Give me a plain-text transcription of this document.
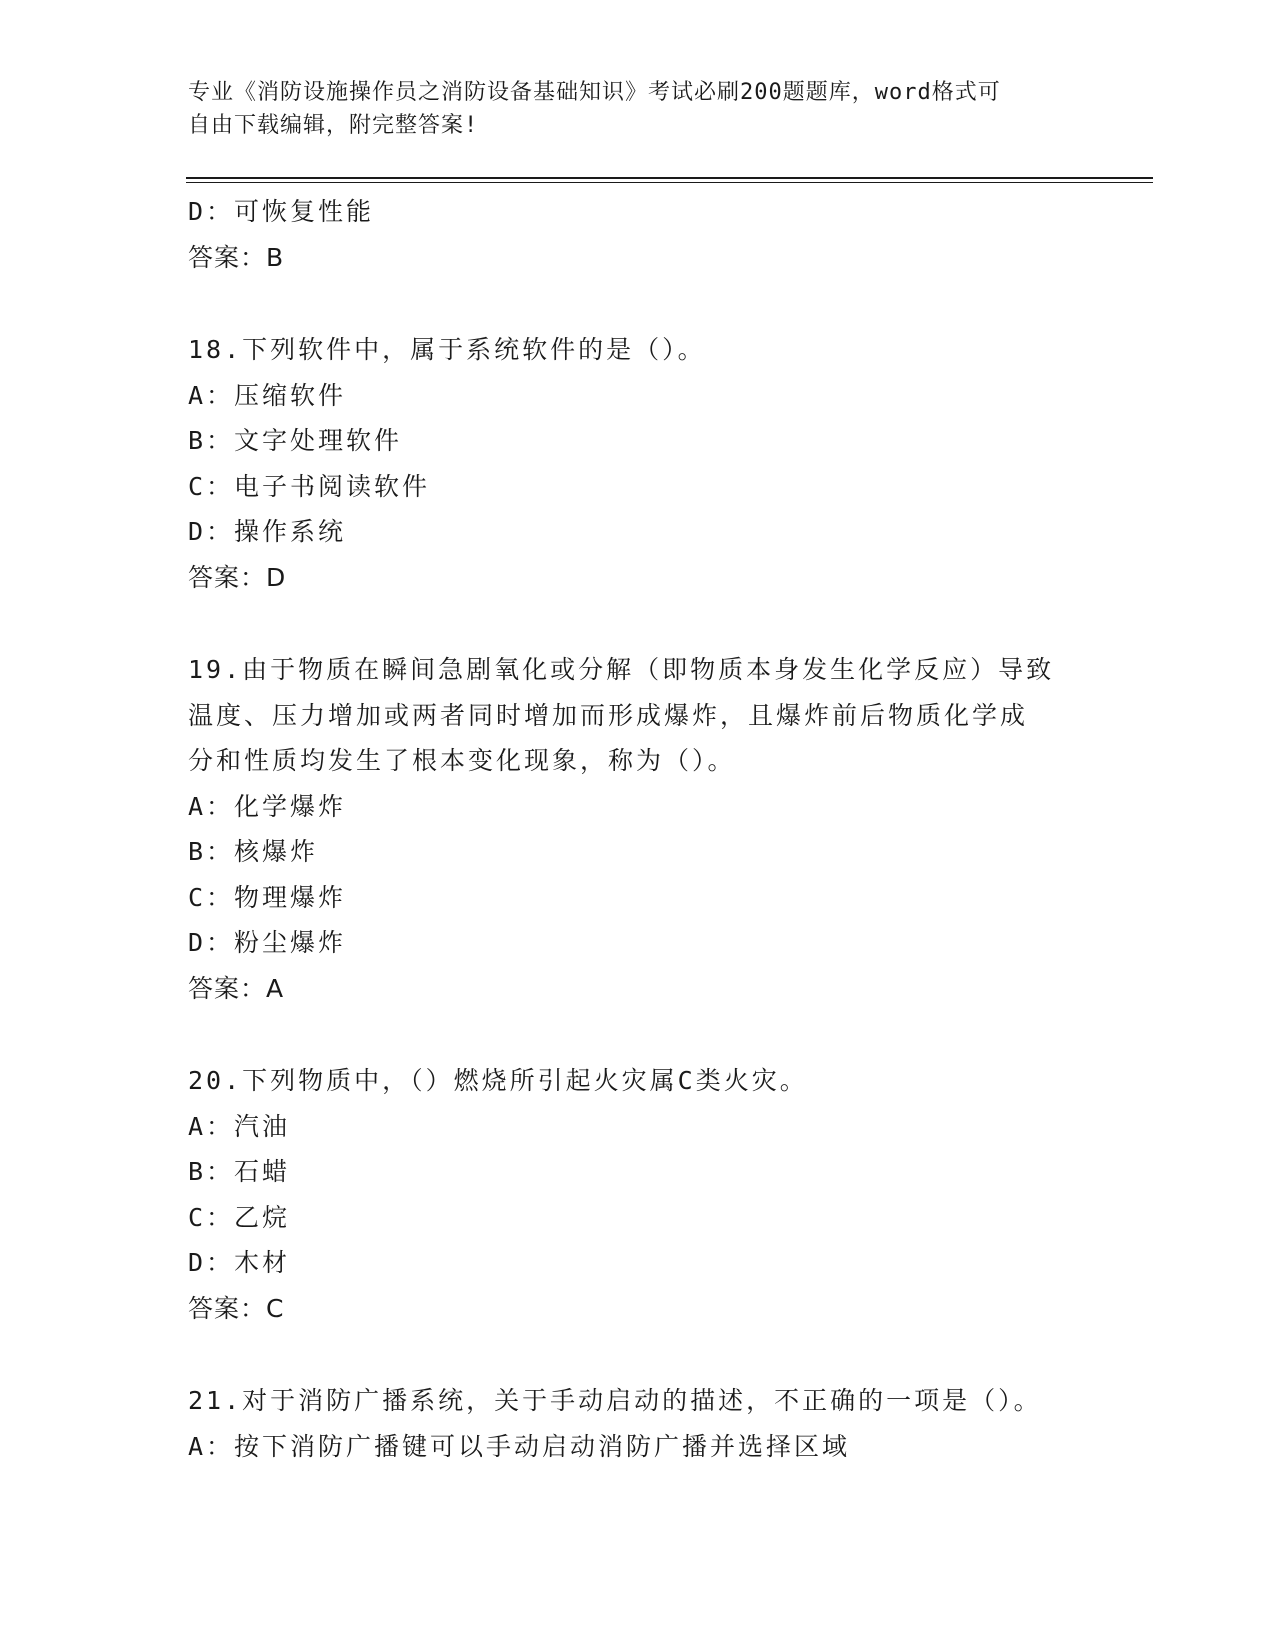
专业《消防设施操作员之消防设备基础知识》考试必刷200题题库，word格式可
自由下载编辑，附完整答案!
D：可恢复性能
答案：B
18.下列软件中，属于系统软件的是（）。
A：压缩软件
B：文字处理软件
C：电子书阅读软件
D：操作系统
答案：D
19.由于物质在瞬间急剧氧化或分解（即物质本身发生化学反应）导致
温度、压力增加或两者同时增加而形成爆炸，且爆炸前后物质化学成
分和性质均发生了根本变化现象，称为（）。
A：化学爆炸
B：核爆炸
C：物理爆炸
D：粉尘爆炸
答案：A
20.下列物质中，（）燃烧所引起火灾属C类火灾。
A：汽油
B：石蜡
C：乙烷
D：木材
答案：C
21.对于消防广播系统，关于手动启动的描述，不正确的一项是（）。
A：按下消防广播键可以手动启动消防广播并选择区域
